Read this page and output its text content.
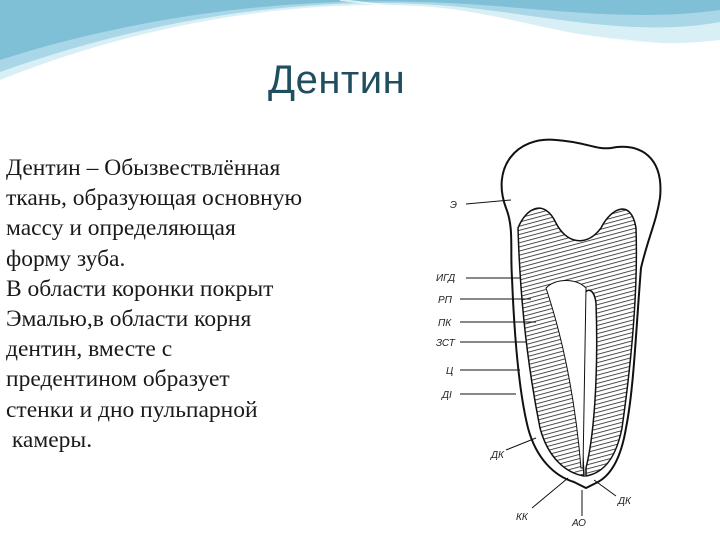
Дентин
Дентин – Обызвествлённая
ткань, образующая основную
массу и определяющая
форму зуба.
В области коронки покрыт
Эмалью,в области корня
дентин, вместе с
предентином образует
стенки и дно пульпарной
камеры.
Э
ИГД
РП
ПК
ЗСТ
Ц
ДI
ДК
КК
АО
ДК
